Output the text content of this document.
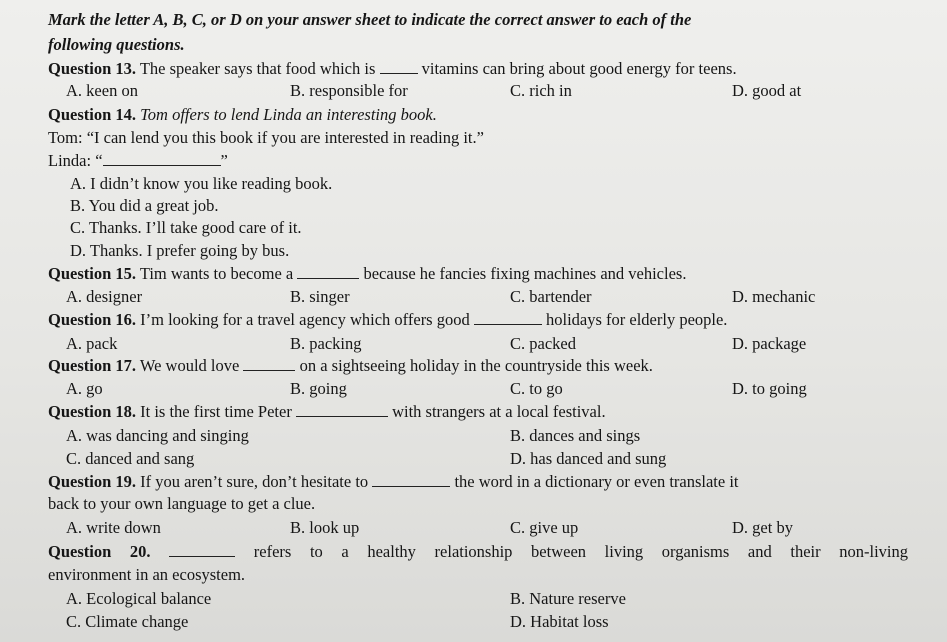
Mark the letter A, B, C, or D on your answer sheet to indicate the correct answer to each of the
following questions.
Question 13. The speaker says that food which is	vitamins can bring about good energy for teens.
A. keen on	B. responsible for	C. rich in	D. good at
Question 14. Tom offers to lend Linda an interesting book.
Tom: “I can lend you this book if you are interested in reading it.”
Linda: “	”
A. I didn’t know you like reading book.
B. You did a great job.
C. Thanks. I’ll take good care of it.
D. Thanks. I prefer going by bus.
Question 15. Tim wants to become a	because he fancies fixing machines and vehicles.
A. designer	B. singer	C. bartender	D. mechanic
Question 16. I’m looking for a travel agency which offers good	holidays for elderly people.
A. pack	B. packing	C. packed	D. package
Question 17. We would love	on a sightseeing holiday in the countryside this week.
A. go	B. going	C. to go	D. to going
Question 18. It is the first time Peter	with strangers at a local festival.
A. was dancing and singing	B. dances and sings
C. danced and sang	D. has danced and sung
Question 19. If you aren’t sure, don’t hesitate to	the word in a dictionary or even translate it
back to your own language to get a clue.
A. write down	B. look up	C. give up	D. get by
Question 20.	refers to a healthy relationship between living organisms and their non-living
environment in an ecosystem.
A. Ecological balance	B. Nature reserve
C. Climate change	D. Habitat loss
